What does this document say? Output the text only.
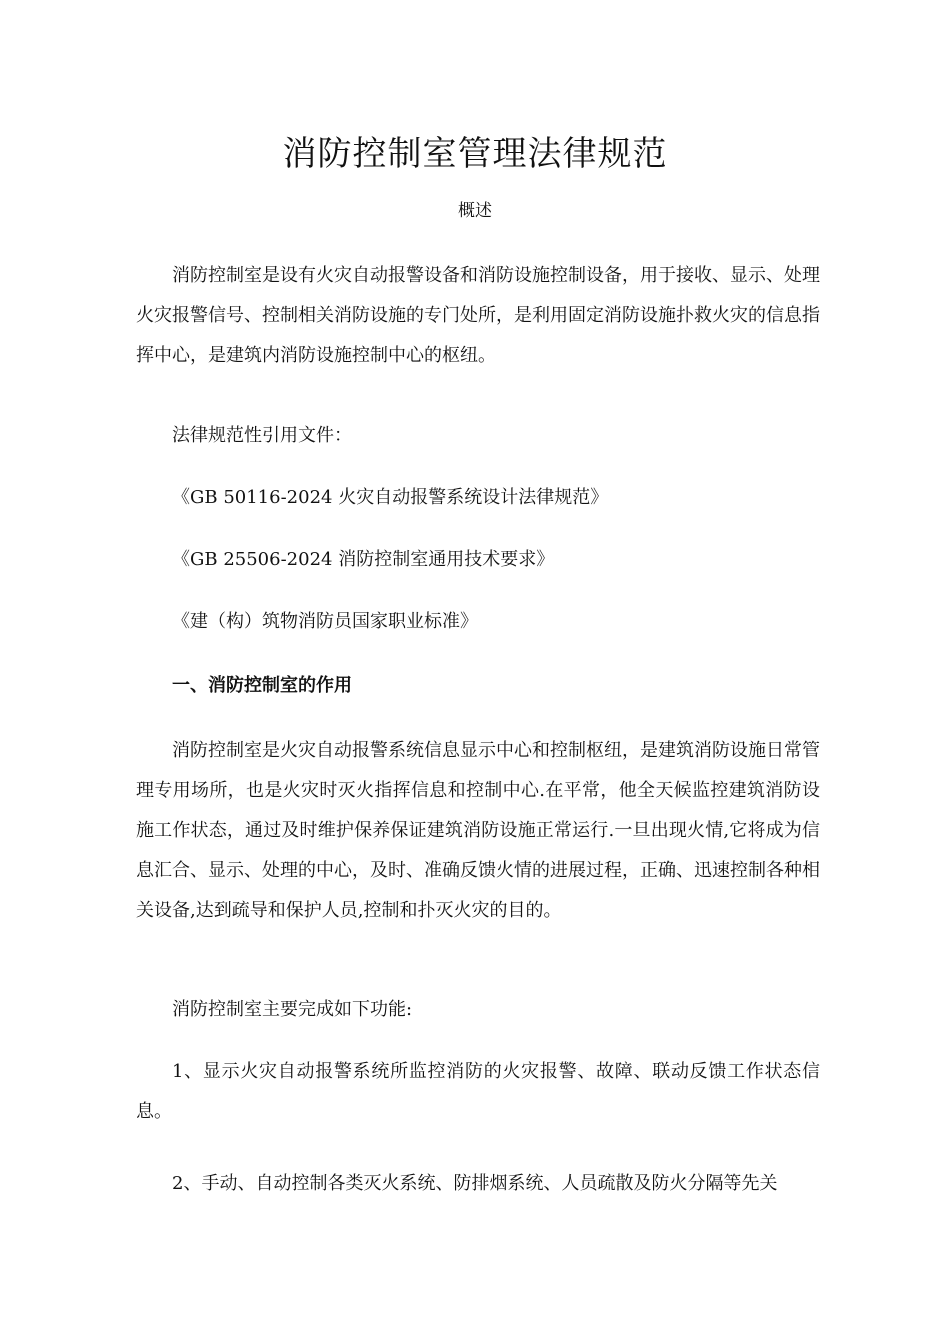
消防控制室管理法律规范
概述

消防控制室是设有火灾自动报警设备和消防设施控制设备，用于接收、显示、处理火灾报警信号、控制相关消防设施的专门处所，是利用固定消防设施扑救火灾的信息指挥中心，是建筑内消防设施控制中心的枢纽。

法律规范性引用文件：
《GB 50116-2024 火灾自动报警系统设计法律规范》
《GB 25506-2024 消防控制室通用技术要求》
《建（构）筑物消防员国家职业标准》
一、消防控制室的作用

消防控制室是火灾自动报警系统信息显示中心和控制枢纽，是建筑消防设施日常管理专用场所，也是火灾时灭火指挥信息和控制中心.在平常，他全天候监控建筑消防设施工作状态，通过及时维护保养保证建筑消防设施正常运行.一旦出现火情,它将成为信息汇合、显示、处理的中心，及时、准确反馈火情的进展过程，正确、迅速控制各种相关设备,达到疏导和保护人员,控制和扑灭火灾的目的。

消防控制室主要完成如下功能:

1、显示火灾自动报警系统所监控消防的火灾报警、故障、联动反馈工作状态信息。

2、手动、自动控制各类灭火系统、防排烟系统、人员疏散及防火分隔等先关
